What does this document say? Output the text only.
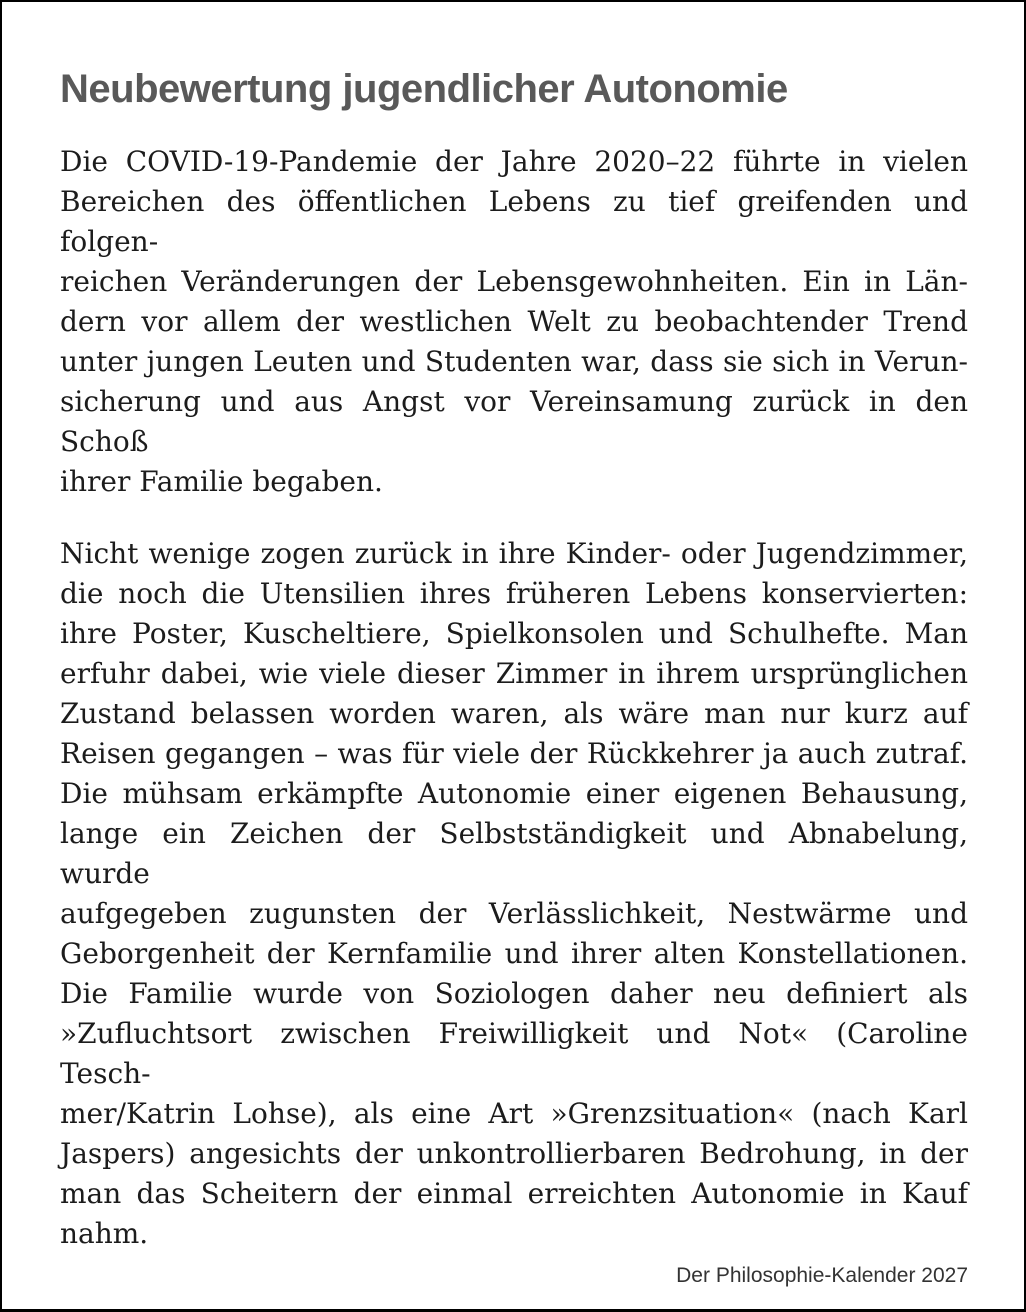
Neubewertung jugendlicher Autonomie
Die COVID-19-Pandemie der Jahre 2020–22 führte in vielen
Bereichen des öffentlichen Lebens zu tief greifenden und folgen-
reichen Veränderungen der Lebensgewohnheiten. Ein in Län-
dern vor allem der westlichen Welt zu beobachtender Trend
unter jungen Leuten und Studenten war, dass sie sich in Verun-
sicherung und aus Angst vor Vereinsamung zurück in den Schoß
ihrer Familie begaben.
Nicht wenige zogen zurück in ihre Kinder- oder Jugendzimmer,
die noch die Utensilien ihres früheren Lebens konservierten:
ihre Poster, Kuscheltiere, Spielkonsolen und Schulhefte. Man
erfuhr dabei, wie viele dieser Zimmer in ihrem ursprünglichen
Zustand belassen worden waren, als wäre man nur kurz auf
Reisen gegangen – was für viele der Rückkehrer ja auch zutraf.
Die mühsam erkämpfte Autonomie einer eigenen Behausung,
lange ein Zeichen der Selbstständigkeit und Abnabelung, wurde
aufgegeben zugunsten der Verlässlichkeit, Nestwärme und
Geborgenheit der Kernfamilie und ihrer alten Konstellationen.
Die Familie wurde von Soziologen daher neu definiert als
»Zufluchtsort zwischen Freiwilligkeit und Not« (Caroline Tesch-
mer/Katrin Lohse), als eine Art »Grenzsituation« (nach Karl
Jaspers) angesichts der unkontrollierbaren Bedrohung, in der
man das Scheitern der einmal erreichten Autonomie in Kauf
nahm.
Der Philosophie-Kalender 2027
